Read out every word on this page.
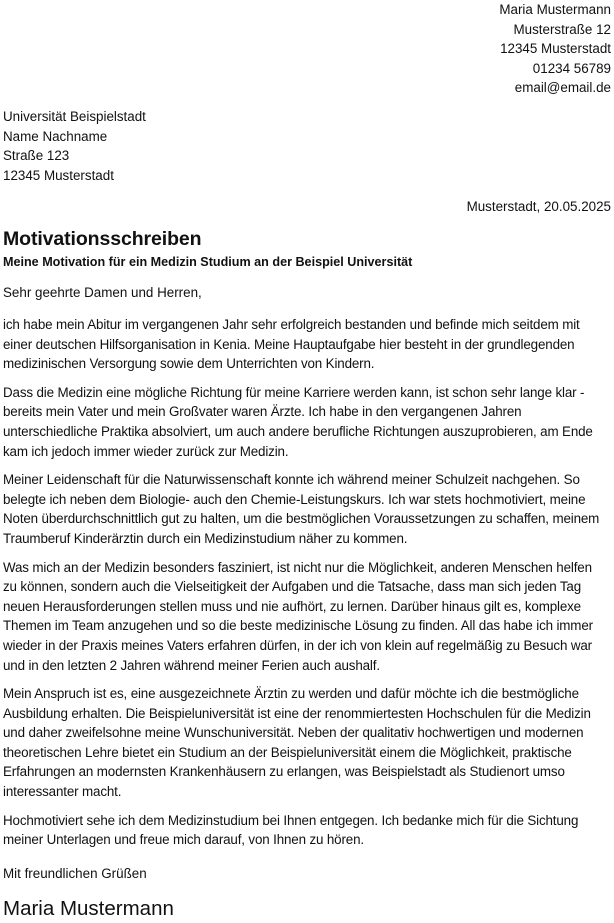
Maria Mustermann
Musterstraße 12
12345 Musterstadt
01234 56789
email@email.de
Universität Beispielstadt
Name Nachname
Straße 123
12345 Musterstadt
Musterstadt, 20.05.2025
Motivationsschreiben
Meine Motivation für ein Medizin Studium an der Beispiel Universität
Sehr geehrte Damen und Herren,

ich habe mein Abitur im vergangenen Jahr sehr erfolgreich bestanden und befinde mich seitdem mit einer deutschen Hilfsorganisation in Kenia. Meine Hauptaufgabe hier besteht in der grundlegenden medizinischen Versorgung sowie dem Unterrichten von Kindern.

Dass die Medizin eine mögliche Richtung für meine Karriere werden kann, ist schon sehr lange klar - bereits mein Vater und mein Großvater waren Ärzte. Ich habe in den vergangenen Jahren unterschiedliche Praktika absolviert, um auch andere berufliche Richtungen auszuprobieren, am Ende kam ich jedoch immer wieder zurück zur Medizin.

Meiner Leidenschaft für die Naturwissenschaft konnte ich während meiner Schulzeit nachgehen. So belegte ich neben dem Biologie- auch den Chemie-Leistungskurs. Ich war stets hochmotiviert, meine Noten überdurchschnittlich gut zu halten, um die bestmöglichen Voraussetzungen zu schaffen, meinem Traumberuf Kinderärztin durch ein Medizinstudium näher zu kommen.

Was mich an der Medizin besonders fasziniert, ist nicht nur die Möglichkeit, anderen Menschen helfen zu können, sondern auch die Vielseitigkeit der Aufgaben und die Tatsache, dass man sich jeden Tag neuen Herausforderungen stellen muss und nie aufhört, zu lernen. Darüber hinaus gilt es, komplexe Themen im Team anzugehen und so die beste medizinische Lösung zu finden. All das habe ich immer wieder in der Praxis meines Vaters erfahren dürfen, in der ich von klein auf regelmäßig zu Besuch war und in den letzten 2 Jahren während meiner Ferien auch aushalf.

Mein Anspruch ist es, eine ausgezeichnete Ärztin zu werden und dafür möchte ich die bestmögliche Ausbildung erhalten. Die Beispieluniversität ist eine der renommiertesten Hochschulen für die Medizin und daher zweifelsohne meine Wunschuniversität. Neben der qualitativ hochwertigen und modernen theoretischen Lehre bietet ein Studium an der Beispieluniversität einem die Möglichkeit, praktische Erfahrungen an modernsten Krankenhäusern zu erlangen, was Beispielstadt als Studienort umso interessanter macht.

Hochmotiviert sehe ich dem Medizinstudium bei Ihnen entgegen. Ich bedanke mich für die Sichtung meiner Unterlagen und freue mich darauf, von Ihnen zu hören.

Mit freundlichen Grüßen
Maria Mustermann
